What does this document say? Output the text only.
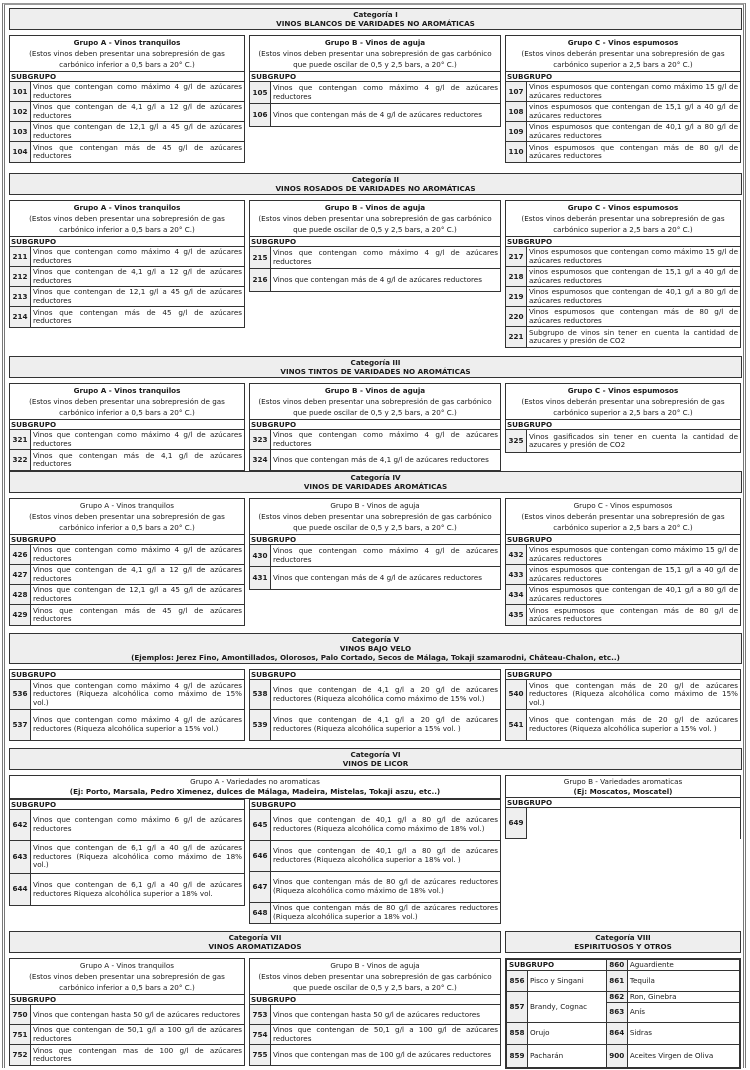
Categoría I
VINOS BLANCOS DE VARIDADES NO AROMÁTICAS
Grupo A - Vinos tranquilos
(Estos vinos deben presentar una sobrepresión de gas
carbónico inferior a 0,5 bars a 20° C.)
SUBGRUPO
101 Vinos que contengan como máximo 4 g/l de azúcares reductores
102 Vinos que contengan de 4,1 g/l a 12 g/l de azúcares reductores
103 Vinos que contengan de 12,1 g/l a 45 g/l de azúcares reductores
104 Vinos que contengan más de 45 g/l de azúcares reductores
Grupo B - Vinos de aguja
(Estos vinos deben presentar una sobrepresión de gas carbónico
que puede oscilar de 0,5 y 2,5 bars, a 20° C.)
SUBGRUPO
105 Vinos que contengan como máximo 4 g/l de azúcares reductores
106 Vinos que contengan más de 4 g/l de azúcares reductores
Grupo C - Vinos espumosos
(Estos vinos deberán presentar una sobrepresión de gas
carbónico superior a 2,5 bars a 20° C.)
SUBGRUPO
107 Vinos espumosos que contengan como máximo 15 g/l de azúcares reductores
108 vinos espumosos que contengan de 15,1 g/l a 40 g/l de azúcares reductores
109 Vinos espumosos que contengan de 40,1 g/l a 80 g/l de azúcares reductores
110 Vinos espumosos que contengan más de 80 g/l de azúcares reductores
Categoría II
VINOS ROSADOS DE VARIDADES NO AROMÁTICAS
Grupo A - Vinos tranquilos
(Estos vinos deben presentar una sobrepresión de gas
carbónico inferior a 0,5 bars a 20° C.)
SUBGRUPO
211 Vinos que contengan como máximo 4 g/l de azúcares reductores
212 Vinos que contengan de 4,1 g/l a 12 g/l de azúcares reductores
213 Vinos que contengan de 12,1 g/l a 45 g/l de azúcares reductores
214 Vinos que contengan más de 45 g/l de azúcares reductores
Grupo B - Vinos de aguja
(Estos vinos deben presentar una sobrepresión de gas carbónico
que puede oscilar de 0,5 y 2,5 bars, a 20° C.)
SUBGRUPO
215 Vinos que contengan como máximo 4 g/l de azúcares reductores
216 Vinos que contengan más de 4 g/l de azúcares reductores
Grupo C - Vinos espumosos
(Estos vinos deberán presentar una sobrepresión de gas
carbónico superior a 2,5 bars a 20° C.)
SUBGRUPO
217 Vinos espumosos que contengan como máximo 15 g/l de azúcares reductores
218 vinos espumosos que contengan de 15,1 g/l a 40 g/l de azúcares reductores
219 Vinos espumosos que contengan de 40,1 g/l a 80 g/l de azúcares reductores
220 Vinos espumosos que contengan más de 80 g/l de azúcares reductores
221 Subgrupo de vinos sin tener en cuenta la cantidad de azucares y presión de CO2
Categoría III
VINOS TINTOS DE VARIDADES NO AROMÁTICAS
Grupo A - Vinos tranquilos
(Estos vinos deben presentar una sobrepresión de gas
carbónico inferior a 0,5 bars a 20° C.)
SUBGRUPO
321 Vinos que contengan como máximo 4 g/l de azúcares reductores
322 Vinos que contengan más de 4,1 g/l de azúcares reductores
Grupo B - Vinos de aguja
(Estos vinos deben presentar una sobrepresión de gas carbónico
que puede oscilar de 0,5 y 2,5 bars, a 20° C.)
SUBGRUPO
323 Vinos que contengan como máximo 4 g/l de azúcares reductores
324 Vinos que contengan más de 4,1 g/l de azúcares reductores
Grupo C - Vinos espumosos
(Estos vinos deberán presentar una sobrepresión de gas
carbónico superior a 2,5 bars a 20° C.)
SUBGRUPO
325 Vinos gasificados sin tener en cuenta la cantidad de azucares y presión de CO2
Categoría IV
VINOS DE VARIDADES AROMÁTICAS
Grupo A - Vinos tranquilos
(Estos vinos deben presentar una sobrepresión de gas
carbónico inferior a 0,5 bars a 20° C.)
SUBGRUPO
426 Vinos que contengan como máximo 4 g/l de azúcares reductores
427 Vinos que contengan de 4,1 g/l a 12 g/l de azúcares reductores
428 Vinos que contengan de 12,1 g/l a 45 g/l de azúcares reductores
429 Vinos que contengan más de 45 g/l de azúcares reductores
Grupo B - Vinos de aguja
(Estos vinos deben presentar una sobrepresión de gas carbónico
que puede oscilar de 0,5 y 2,5 bars, a 20° C.)
SUBGRUPO
430 Vinos que contengan como máximo 4 g/l de azúcares reductores
431 Vinos que contengan más de 4 g/l de azúcares reductores
Grupo C - Vinos espumosos
(Estos vinos deberán presentar una sobrepresión de gas
carbónico superior a 2,5 bars a 20° C.)
SUBGRUPO
432 Vinos espumosos que contengan como máximo 15 g/l de azúcares reductores
433 vinos espumosos que contengan de 15,1 g/l a 40 g/l de azúcares reductores
434 Vinos espumosos que contengan de 40,1 g/l a 80 g/l de azúcares reductores
435 Vinos espumosos que contengan más de 80 g/l de azúcares reductores
Categoría V
VINOS BAJO VELO
(Ejemplos: Jerez Fino, Amontillados, Olorosos, Palo Cortado, Secos de Málaga, Tokaji szamarodni, Château-Chalon, etc..)
SUBGRUPO
536
Vinos que contengan como máximo 4 g/l de azúcares reductores (Riqueza alcohólica como máximo de 15% vol.)
537 Vinos que contengan como máximo 4 g/l de azúcares reductores (Riqueza alcohólica superior a 15% vol.)
SUBGRUPO
538 Vinos que contengan de 4,1 g/l a 20 g/l de azúcares reductores (Riqueza alcohólica como máximo de 15% vol.)
539 Vinos que contengan de 4,1 g/l a 20 g/l de azúcares reductores (Riqueza alcohólica superior a 15% vol. )
SUBGRUPO
540
Vinos que contengan más de 20 g/l de azúcares reductores (Riqueza alcohólica como máximo de 15% vol.)
541 Vinos que contengan más de 20 g/l de azúcares reductores (Riqueza alcohólica superior a 15% vol. )
Categoría VI
VINOS DE LICOR
Grupo A - Variedades no aromaticas
(Ej: Porto, Marsala, Pedro Ximenez, dulces de Málaga, Madeira, Mistelas, Tokaji aszu, etc..)
SUBGRUPO
642 Vinos que contengan como máximo 6 g/l de azúcares reductores
643
Vinos que contengan de 6,1 g/l a 40 g/l de azúcares reductores (Riqueza alcohólica como máximo de 18% vol.)
644 Vinos que contengan de 6,1 g/l a 40 g/l de azúcares reductores Riqueza alcohólica superior a 18% vol.
SUBGRUPO
645 Vinos que contengan de 40,1 g/l a 80 g/l de azúcares reductores (Riqueza alcohólica como máximo de 18% vol.)
646 Vinos que contengan de 40,1 g/l a 80 g/l de azúcares reductores (Riqueza alcohólica superior a 18% vol. )
647 Vinos que contengan más de 80 g/l de azúcares reductores (Riqueza alcohólica como máximo de 18% vol.)
648 Vinos que contengan más de 80 g/l de azúcares reductores (Riqueza alcohólica superior a 18% vol.)
Grupo B - Variedades aromaticas
(Ej: Moscatos, Moscatel)
SUBGRUPO
649
Categoría VII
VINOS AROMATIZADOS
Grupo A - Vinos tranquilos
(Estos vinos deben presentar una sobrepresión de gas
carbónico inferior a 0,5 bars a 20° C.)
SUBGRUPO
750 Vinos que contengan hasta 50 g/l de azúcares reductores
751 Vinos que contengan de 50,1 g/l a 100 g/l de azúcares reductores
752 Vinos que contengan mas de 100 g/l de azúcares reductores
Grupo B - Vinos de aguja
(Estos vinos deben presentar una sobrepresión de gas carbónico
que puede oscilar de 0,5 y 2,5 bars, a 20° C.)
SUBGRUPO
753 Vinos que contengan hasta 50 g/l de azúcares reductores
754 Vinos que contengan de 50,1 g/l a 100 g/l de azúcares reductores
755 Vinos que contengan mas de 100 g/l de azúcares reductores
Categoría VIII
ESPIRITUOSOS Y OTROS
SUBGRUPO		860	Aguardiente
856	Pisco y Singani	861	Tequila
857	Brandy, Cognac	862	Ron, Ginebra
		863	Anís
858	Orujo	864	Sidras
859	Pacharán	900	Aceites Virgen de Oliva
